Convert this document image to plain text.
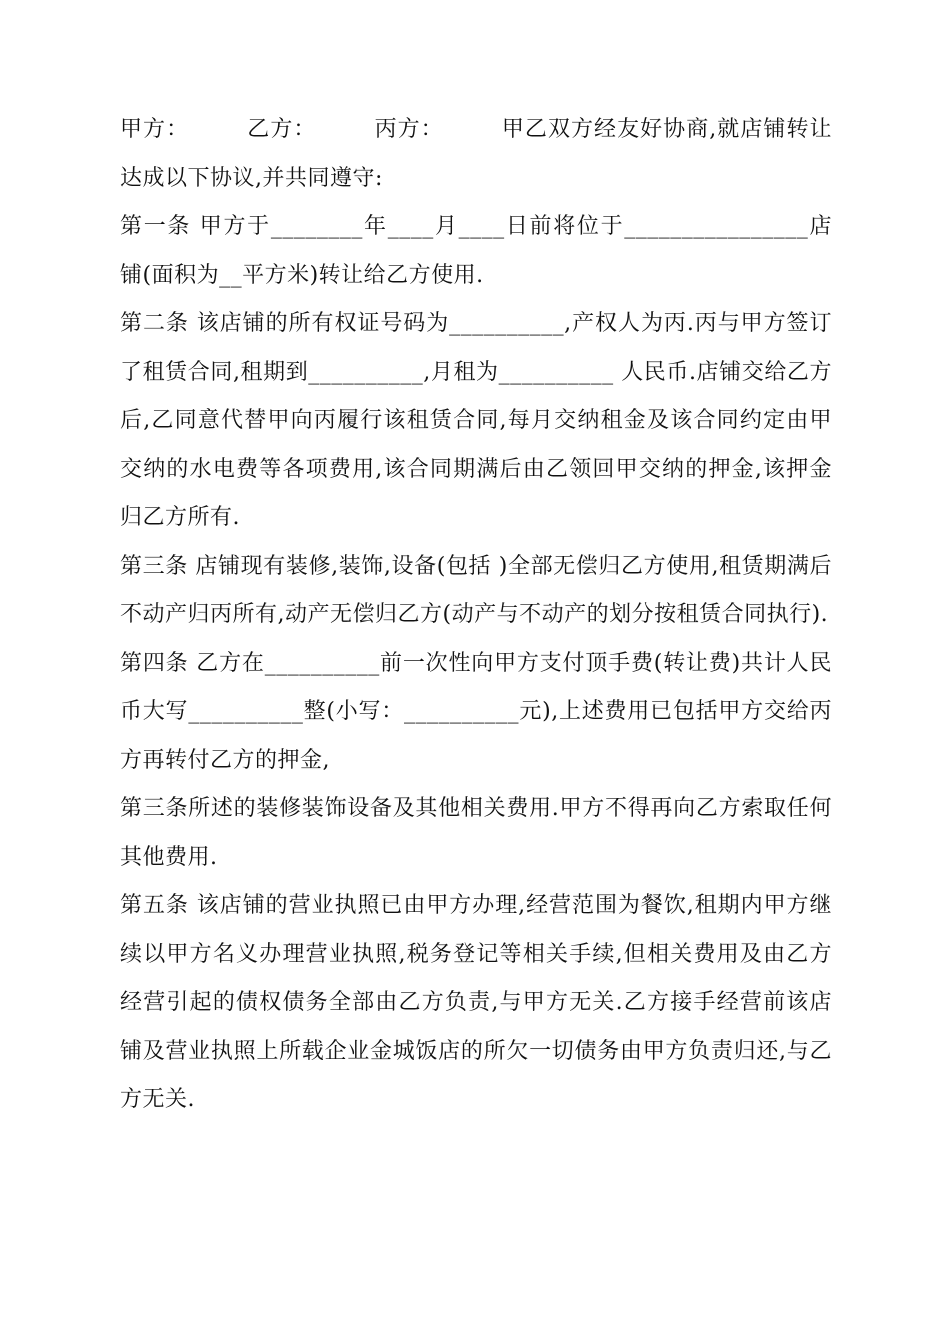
甲方：　　　乙方：　　　丙方：　　　甲乙双方经友好协商,就店铺转让达成以下协议,并共同遵守:

第一条 甲方于________年____月____日前将位于________________店铺(面积为__平方米)转让给乙方使用.

第二条 该店铺的所有权证号码为__________,产权人为丙.丙与甲方签订了租赁合同,租期到__________,月租为__________ 人民币.店铺交给乙方后,乙同意代替甲向丙履行该租赁合同,每月交纳租金及该合同约定由甲交纳的水电费等各项费用,该合同期满后由乙领回甲交纳的押金,该押金归乙方所有.

第三条 店铺现有装修,装饰,设备(包括 )全部无偿归乙方使用,租赁期满后不动产归丙所有,动产无偿归乙方(动产与不动产的划分按租赁合同执行).

第四条 乙方在__________前一次性向甲方支付顶手费(转让费)共计人民币大写__________整(小写：__________元),上述费用已包括甲方交给丙方再转付乙方的押金,

第三条所述的装修装饰设备及其他相关费用.甲方不得再向乙方索取任何其他费用.

第五条 该店铺的营业执照已由甲方办理,经营范围为餐饮,租期内甲方继续以甲方名义办理营业执照,税务登记等相关手续,但相关费用及由乙方经营引起的债权债务全部由乙方负责,与甲方无关.乙方接手经营前该店铺及营业执照上所载企业金城饭店的所欠一切债务由甲方负责归还,与乙方无关.
